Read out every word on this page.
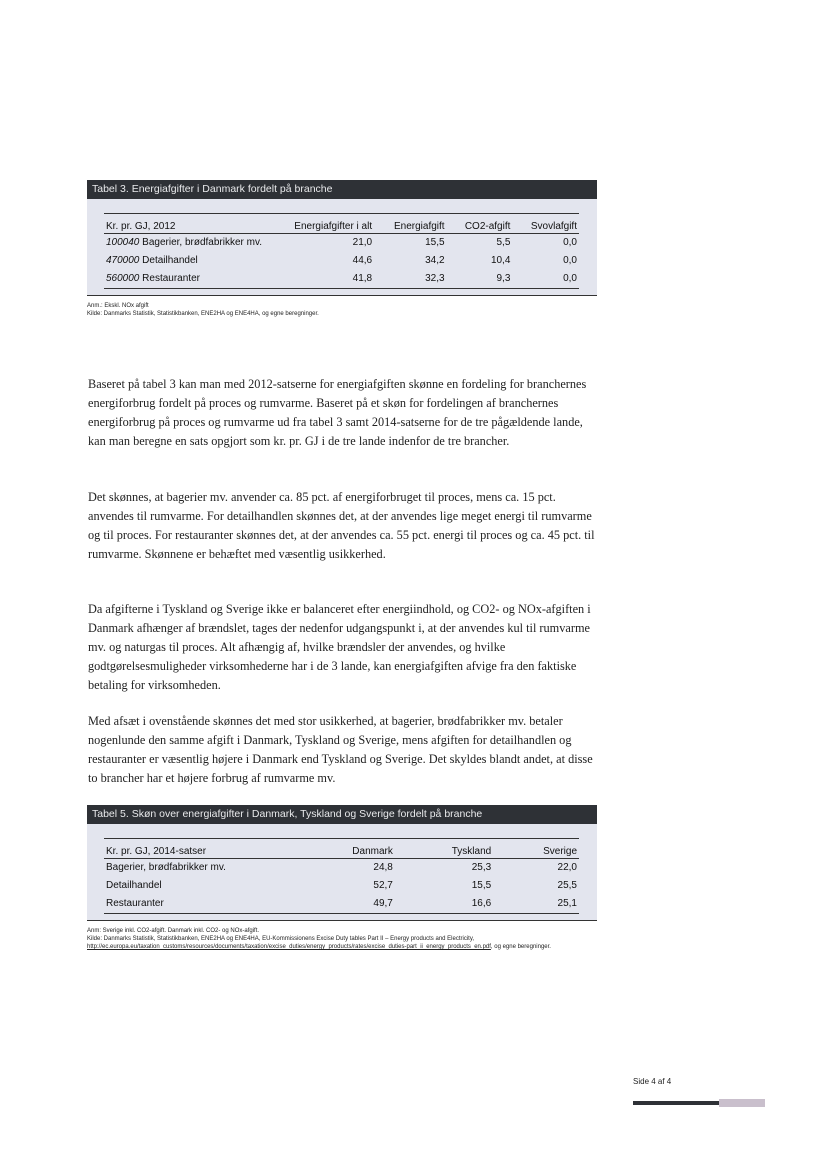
Tabel 3. Energiafgifter i Danmark fordelt på branche
Kr. pr. GJ, 2012	Energiafgifter i alt	Energiafgift	CO2-afgift	Svovlafgift
100040 Bagerier, brødfabrikker mv.	21,0	15,5	5,5	0,0
470000 Detailhandel	44,6	34,2	10,4	0,0
560000 Restauranter	41,8	32,3	9,3	0,0
Anm.: Ekskl. NOx afgift
Kilde: Danmarks Statistik, Statistikbanken, ENE2HA og ENE4HA, og egne beregninger.

Baseret på tabel 3 kan man med 2012-satserne for energiafgiften skønne en fordeling for branchernes energiforbrug fordelt på proces og rumvarme. Baseret på et skøn for fordelingen af branchernes energiforbrug på proces og rumvarme ud fra tabel 3 samt 2014-satserne for de tre pågældende lande, kan man beregne en sats opgjort som kr. pr. GJ i de tre lande indenfor de tre brancher.

Det skønnes, at bagerier mv. anvender ca. 85 pct. af energiforbruget til proces, mens ca. 15 pct. anvendes til rumvarme. For detailhandlen skønnes det, at der anvendes lige meget energi til rumvarme og til proces. For restauranter skønnes det, at der anvendes ca. 55 pct. energi til proces og ca. 45 pct. til rumvarme. Skønnene er behæftet med væsentlig usikkerhed.

Da afgifterne i Tyskland og Sverige ikke er balanceret efter energiindhold, og CO2- og NOx-afgiften i Danmark afhænger af brændslet, tages der nedenfor udgangspunkt i, at der anvendes kul til rumvarme mv. og naturgas til proces. Alt afhængig af, hvilke brændsler der anvendes, og hvilke godtgørelsesmuligheder virksomhederne har i de 3 lande, kan energiafgiften afvige fra den faktiske betaling for virksomheden.

Med afsæt i ovenstående skønnes det med stor usikkerhed, at bagerier, brødfabrikker mv. betaler nogenlunde den samme afgift i Danmark, Tyskland og Sverige, mens afgiften for detailhandlen og restauranter er væsentlig højere i Danmark end Tyskland og Sverige. Det skyldes blandt andet, at disse to brancher har et højere forbrug af rumvarme mv.

Tabel 5. Skøn over energiafgifter i Danmark, Tyskland og Sverige fordelt på branche
Kr. pr. GJ, 2014-satser	Danmark	Tyskland	Sverige
Bagerier, brødfabrikker mv.	24,8	25,3	22,0
Detailhandel	52,7	15,5	25,5
Restauranter	49,7	16,6	25,1
Anm: Sverige inkl. CO2-afgift. Danmark inkl. CO2- og NOx-afgift.
Kilde: Danmarks Statistik, Statistikbanken, ENE2HA og ENE4HA, EU-Kommissionens Excise Duty tables Part II – Energy products and Electricity, http://ec.europa.eu/taxation_customs/resources/documents/taxation/excise_duties/energy_products/rates/excise_duties-part_ii_energy_products_en.pdf, og egne beregninger.
Side 4 af 4
